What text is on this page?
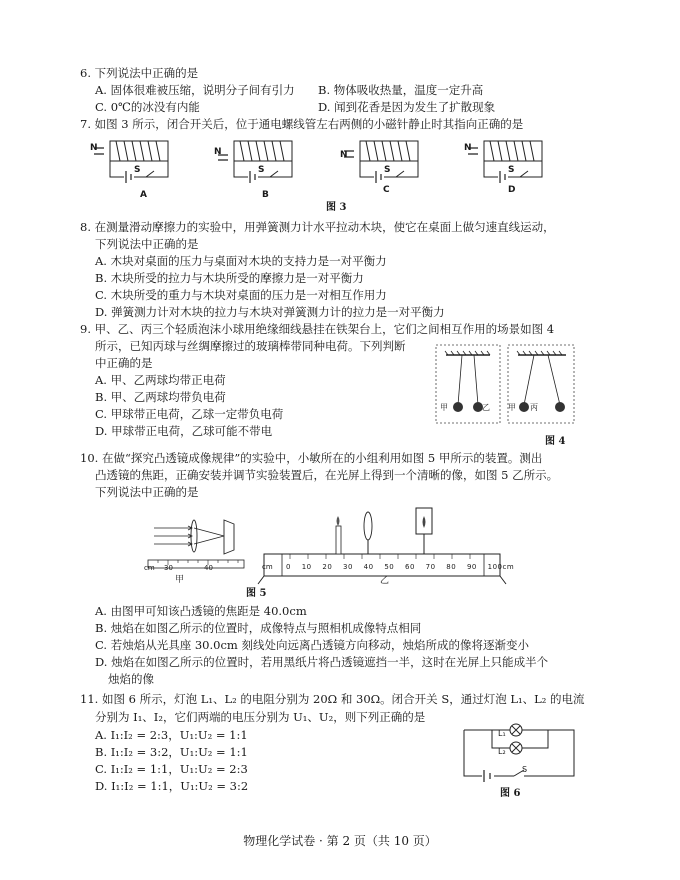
6. 下列说法中正确的是
A. 固体很难被压缩，说明分子间有引力 B. 物体吸收热量，温度一定升高
C. 0℃的冰没有内能	D. 闻到花香是因为发生了扩散现象
7. 如图 3 所示，闭合开关后，位于通电螺线管左右两侧的小磁针静止时其指向正确的是
N
S
A
N
S
B
N
S
C
N
S
D
图 3
8. 在测量滑动摩擦力的实验中，用弹簧测力计水平拉动木块，使它在桌面上做匀速直线运动，
下列说法中正确的是
A. 木块对桌面的压力与桌面对木块的支持力是一对平衡力
B. 木块所受的拉力与木块所受的摩擦力是一对平衡力
C. 木块所受的重力与木块对桌面的压力是一对相互作用力
D. 弹簧测力计对木块的拉力与木块对弹簧测力计的拉力是一对平衡力
9. 甲、乙、丙三个轻质泡沫小球用绝缘细线悬挂在铁架台上，它们之间相互作用的场景如图 4
所示，已知丙球与丝绸摩擦过的玻璃棒带同种电荷。下列判断
中正确的是
A. 甲、乙两球均带正电荷
B. 甲、乙两球均带负电荷
C. 甲球带正电荷，乙球一定带负电荷
D. 甲球带正电荷，乙球可能不带电
甲	乙 甲 丙
图 4
10. 在做“探究凸透镜成像规律”的实验中，小敏所在的小组利用如图 5 甲所示的装置。测出
凸透镜的焦距，正确安装并调节实验装置后，在光屏上得到一个清晰的像，如图 5 乙所示。
下列说法中正确的是
cm 30	40
甲
cm 0 10 20 30 40 50 60 70 80 90 100cm
乙
图 5
A. 由图甲可知该凸透镜的焦距是 40.0cm
B. 烛焰在如图乙所示的位置时，成像特点与照相机成像特点相同
C. 若烛焰从光具座 30.0cm 刻线处向远离凸透镜方向移动，烛焰所成的像将逐渐变小
D. 烛焰在如图乙所示的位置时，若用黑纸片将凸透镜遮挡一半，这时在光屏上只能成半个
烛焰的像
11. 如图 6 所示，灯泡 L₁、L₂ 的电阻分别为 20Ω 和 30Ω。闭合开关 S，通过灯泡 L₁、L₂ 的电流
分别为 I₁、I₂，它们两端的电压分别为 U₁、U₂，则下列正确的是
A. I₁:I₂ = 2:3，U₁:U₂ = 1:1
B. I₁:I₂ = 3:2，U₁:U₂ = 1:1
C. I₁:I₂ = 1:1，U₁:U₂ = 2:3
D. I₁:I₂ = 1:1，U₁:U₂ = 3:2
L₁
L₂
S
图 6
物理化学试卷 · 第 2 页（共 10 页）
